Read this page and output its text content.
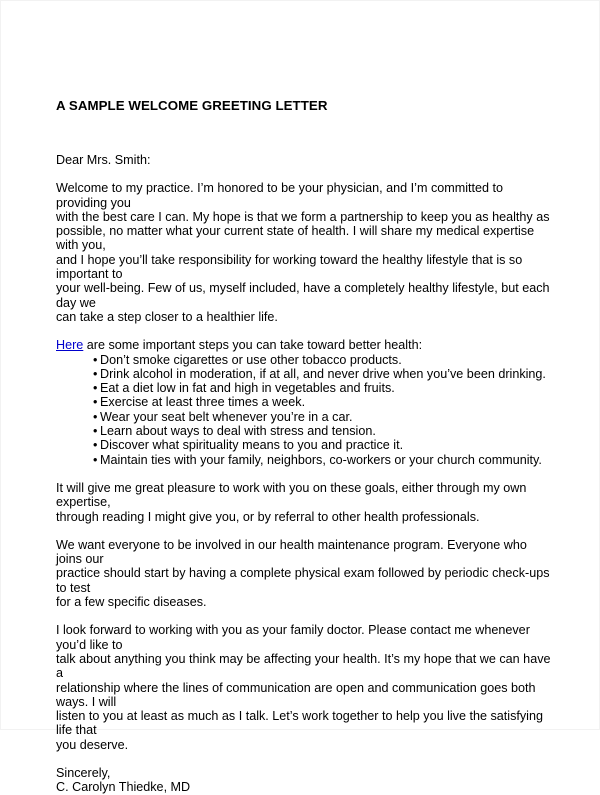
A SAMPLE WELCOME GREETING LETTER
Dear Mrs. Smith:
Welcome to my practice. I’m honored to be your physician, and I’m committed to providing you
with the best care I can. My hope is that we form a partnership to keep you as healthy as
possible, no matter what your current state of health. I will share my medical expertise with you,
and I hope you’ll take responsibility for working toward the healthy lifestyle that is so important to
your well-being. Few of us, myself included, have a completely healthy lifestyle, but each day we
can take a step closer to a healthier life.
Here are some important steps you can take toward better health:
• Don’t smoke cigarettes or use other tobacco products.
• Drink alcohol in moderation, if at all, and never drive when you’ve been drinking.
• Eat a diet low in fat and high in vegetables and fruits.
• Exercise at least three times a week.
• Wear your seat belt whenever you’re in a car.
• Learn about ways to deal with stress and tension.
• Discover what spirituality means to you and practice it.
• Maintain ties with your family, neighbors, co-workers or your church community.
It will give me great pleasure to work with you on these goals, either through my own expertise,
through reading I might give you, or by referral to other health professionals.
We want everyone to be involved in our health maintenance program. Everyone who joins our
practice should start by having a complete physical exam followed by periodic check-ups to test
for a few specific diseases.
I look forward to working with you as your family doctor. Please contact me whenever you’d like to
talk about anything you think may be affecting your health. It’s my hope that we can have a
relationship where the lines of communication are open and communication goes both ways. I will
listen to you at least as much as I talk. Let’s work together to help you live the satisfying life that
you deserve.
Sincerely,
C. Carolyn Thiedke, MD
